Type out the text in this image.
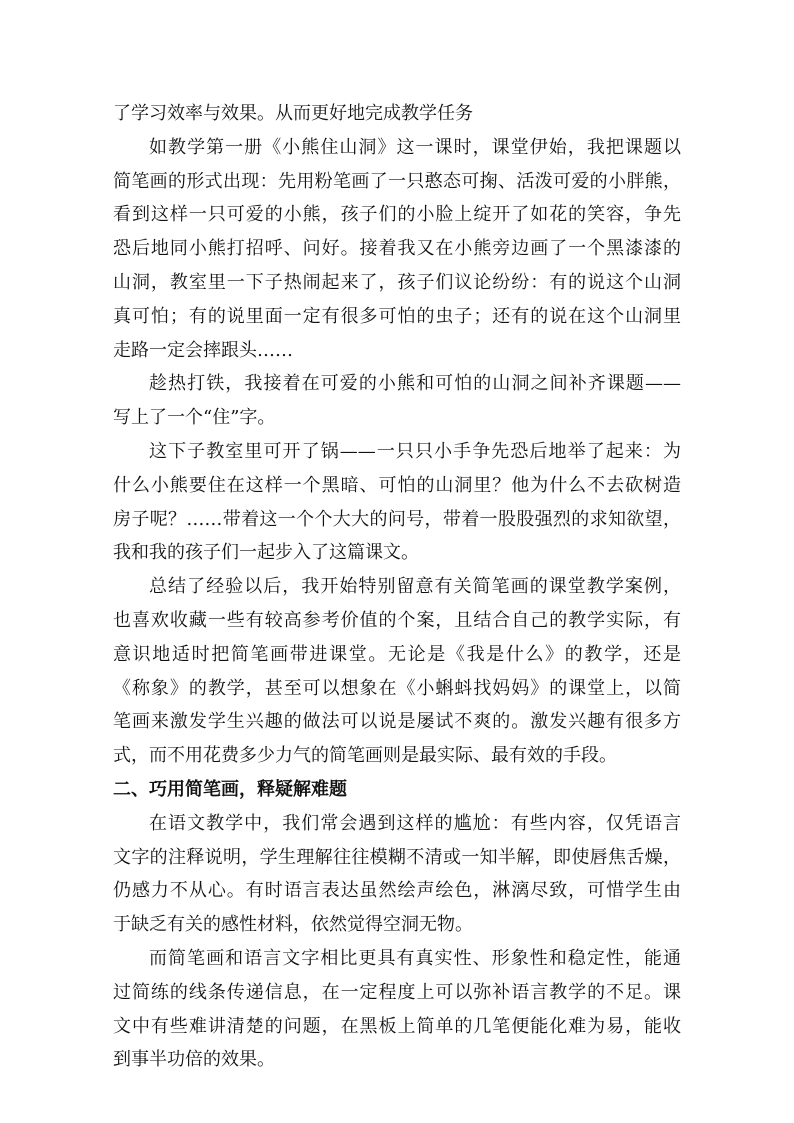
了学习效率与效果。从而更好地完成教学任务
如教学第一册《小熊住山洞》这一课时，课堂伊始，我把课题以
简笔画的形式出现：先用粉笔画了一只憨态可掬、活泼可爱的小胖熊，
看到这样一只可爱的小熊，孩子们的小脸上绽开了如花的笑容，争先
恐后地同小熊打招呼、问好。接着我又在小熊旁边画了一个黑漆漆的
山洞，教室里一下子热闹起来了，孩子们议论纷纷：有的说这个山洞
真可怕；有的说里面一定有很多可怕的虫子；还有的说在这个山洞里
走路一定会摔跟头……
趁热打铁，我接着在可爱的小熊和可怕的山洞之间补齐课题——
写上了一个“住”字。
这下子教室里可开了锅——一只只小手争先恐后地举了起来：为
什么小熊要住在这样一个黑暗、可怕的山洞里？他为什么不去砍树造
房子呢？……带着这一个个大大的问号，带着一股股强烈的求知欲望，
我和我的孩子们一起步入了这篇课文。
总结了经验以后，我开始特别留意有关简笔画的课堂教学案例，
也喜欢收藏一些有较高参考价值的个案，且结合自己的教学实际，有
意识地适时把简笔画带进课堂。无论是《我是什么》的教学，还是
《称象》的教学，甚至可以想象在《小蝌蚪找妈妈》的课堂上，以简
笔画来激发学生兴趣的做法可以说是屡试不爽的。激发兴趣有很多方
式，而不用花费多少力气的简笔画则是最实际、最有效的手段。
二、巧用简笔画，释疑解难题
在语文教学中，我们常会遇到这样的尴尬：有些内容，仅凭语言
文字的注释说明，学生理解往往模糊不清或一知半解，即使唇焦舌燥，
仍感力不从心。有时语言表达虽然绘声绘色，淋漓尽致，可惜学生由
于缺乏有关的感性材料，依然觉得空洞无物。
而简笔画和语言文字相比更具有真实性、形象性和稳定性，能通
过简练的线条传递信息，在一定程度上可以弥补语言教学的不足。课
文中有些难讲清楚的问题，在黑板上简单的几笔便能化难为易，能收
到事半功倍的效果。
